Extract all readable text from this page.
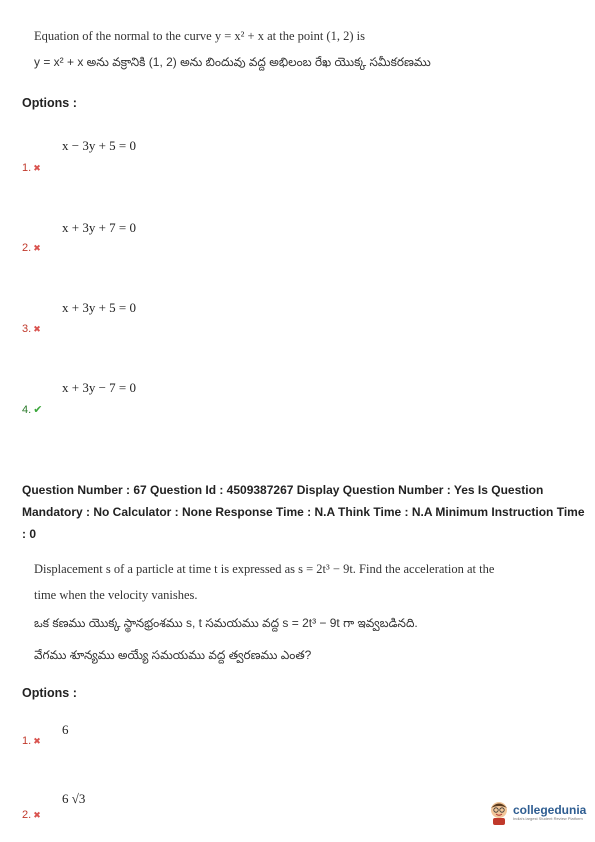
Equation of the normal to the curve y = x² + x at the point (1, 2) is
y = x² + x అను వక్రానికి (1, 2) అను బిందువు వద్ద అభిలంబ రేఖ యొక్క సమీకరణము
Options :
x − 3y + 5 = 0
1. ✖
x + 3y + 7 = 0
2. ✖
x + 3y + 5 = 0
3. ✖
x + 3y − 7 = 0
4. ✔
Question Number : 67 Question Id : 4509387267 Display Question Number : Yes Is Question Mandatory : No Calculator : None Response Time : N.A Think Time : N.A Minimum Instruction Time : 0
Displacement s of a particle at time t is expressed as s = 2t³ − 9t. Find the acceleration at the
time when the velocity vanishes.
ఒక కణము యొక్క స్థానభ్రంశము s, t సమయము వద్ద s = 2t³ − 9t గా ఇవ్వబడినది.
వేగము శూన్యము అయ్యే సమయము వద్ద త్వరణము ఎంత?
Options :
6
1. ✖
6 √3
2. ✖	collegedunia
India's largest Student Review Platform
